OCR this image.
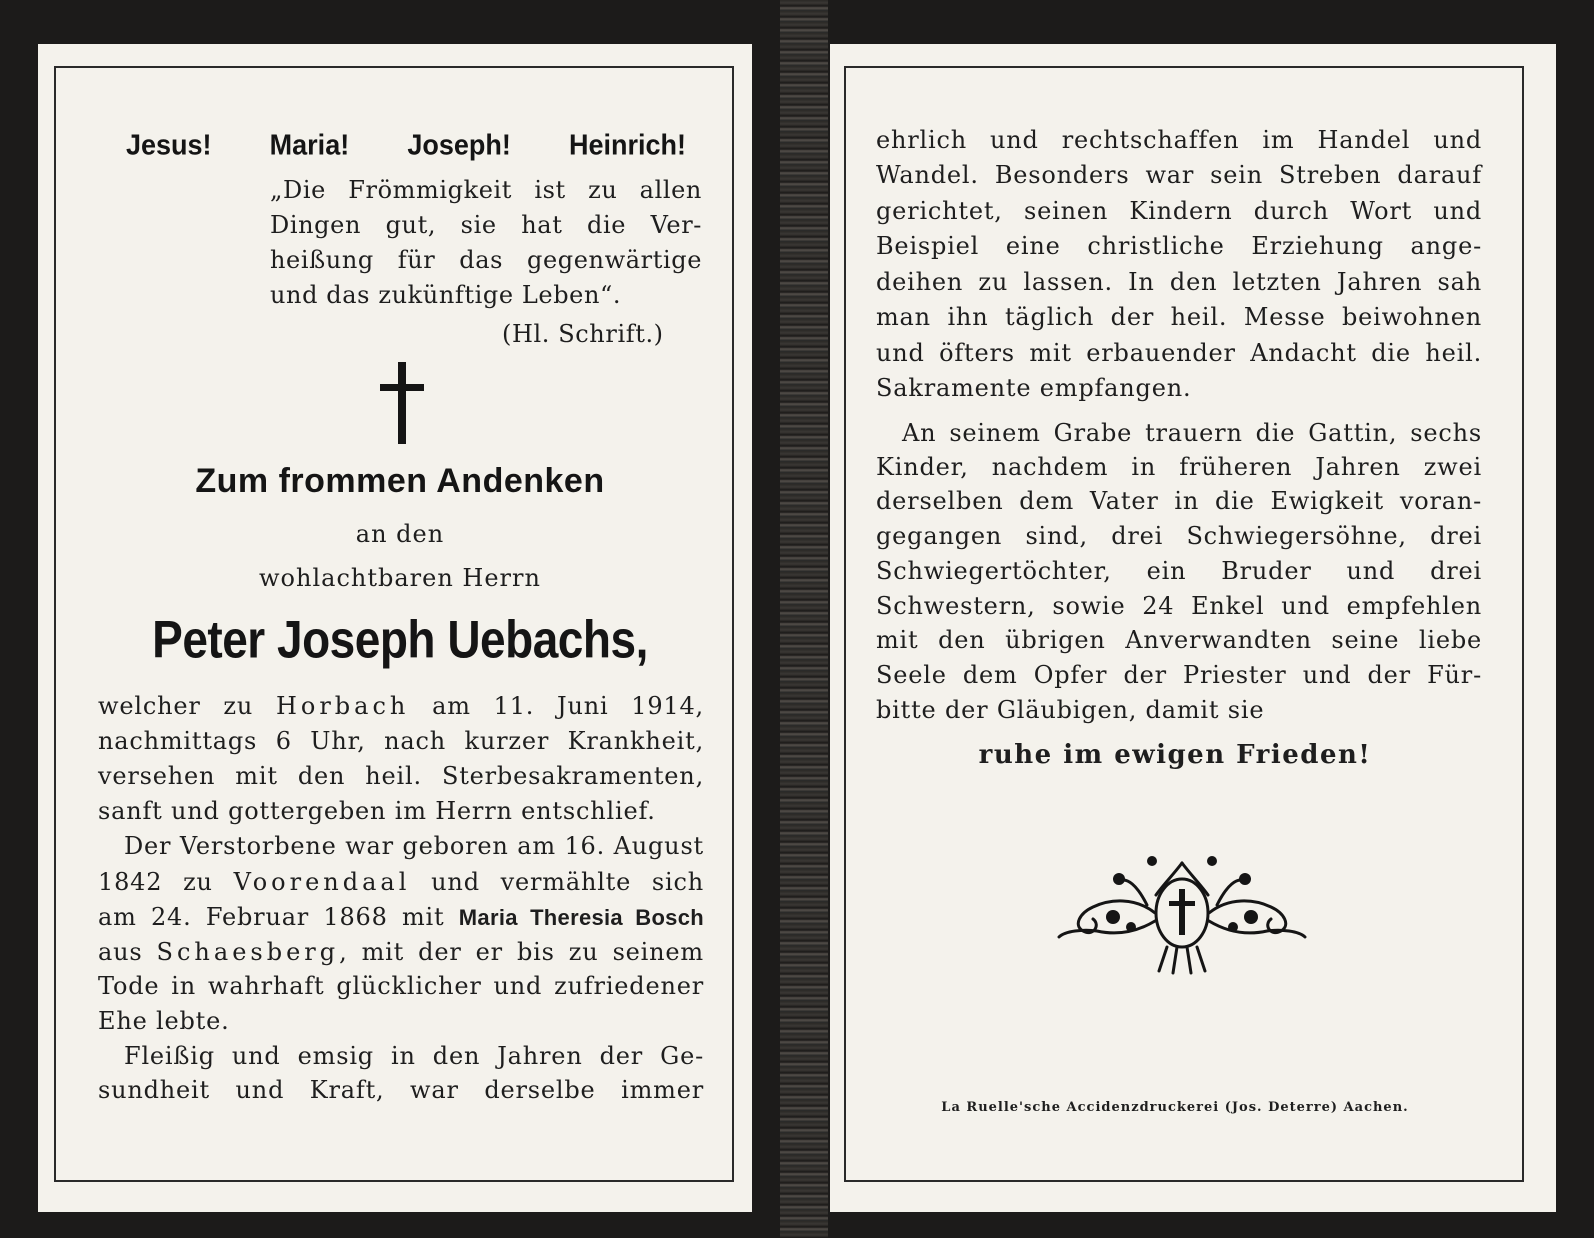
Jesus! Maria! Joseph! Heinrich!
„Die Frömmigkeit ist zu allen
Dingen gut, sie hat die Ver-
heißung für das gegenwärtige
und das zukünftige Leben“.
(Hl. Schrift.)
Zum frommen Andenken
an den
wohlachtbaren Herrn
Peter Joseph Uebachs,
welcher zu Horbach am 11. Juni 1914,
nachmittags 6 Uhr, nach kurzer Krankheit,
versehen mit den heil. Sterbesakramenten,
sanft und gottergeben im Herrn entschlief.
Der Verstorbene war geboren am 16. August
1842 zu Voorendaal und vermählte sich
am 24. Februar 1868 mit Maria Theresia Bosch
aus Schaesberg, mit der er bis zu seinem
Tode in wahrhaft glücklicher und zufriedener
Ehe lebte.
Fleißig und emsig in den Jahren der Ge-
sundheit und Kraft, war derselbe immer
ehrlich und rechtschaffen im Handel und
Wandel. Besonders war sein Streben darauf
gerichtet, seinen Kindern durch Wort und
Beispiel eine christliche Erziehung ange-
deihen zu lassen. In den letzten Jahren sah
man ihn täglich der heil. Messe beiwohnen
und öfters mit erbauender Andacht die heil.
Sakramente empfangen.
An seinem Grabe trauern die Gattin, sechs
Kinder, nachdem in früheren Jahren zwei
derselben dem Vater in die Ewigkeit voran-
gegangen sind, drei Schwiegersöhne, drei
Schwiegertöchter, ein Bruder und drei
Schwestern, sowie 24 Enkel und empfehlen
mit den übrigen Anverwandten seine liebe
Seele dem Opfer der Priester und der Für-
bitte der Gläubigen, damit sie
ruhe im ewigen Frieden!
La Ruelle'sche Accidenzdruckerei (Jos. Deterre) Aachen.
